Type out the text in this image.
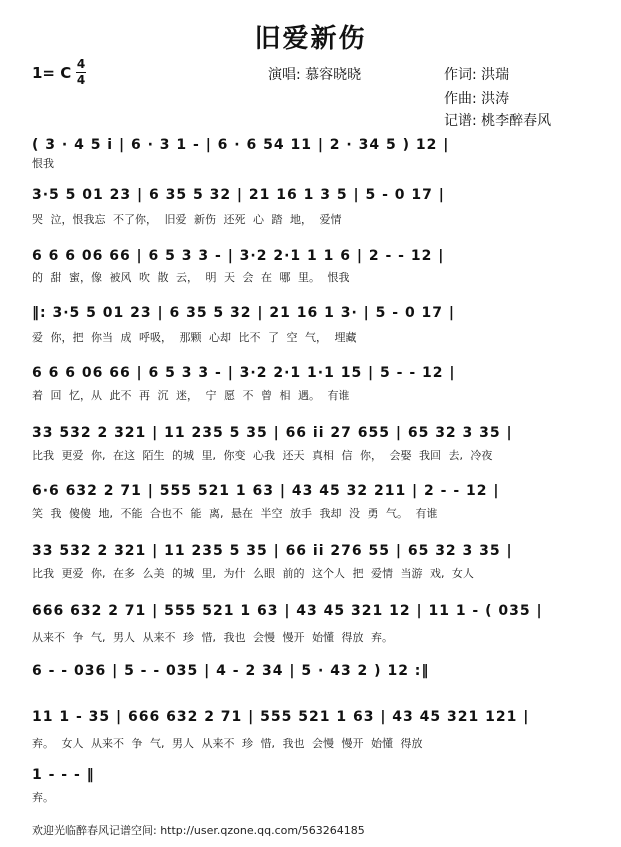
旧爱新伤
1= C 4
4	演唱: 慕容晓晓	作词: 洪瑞
作曲: 洪涛
记谱: 桃李醉春风
( 3 · 4 5 i | 6 · 3 1 - | 6 · 6 54 11 | 2 · 34 5 ) 12 |
恨我
3·5 5 01 23 | 6 35 5 32 | 21 16 1 3 5 | 5 - 0 17 |
哭 泣，恨我忘 不了你， 旧爱 新伤 还死 心 踏 地， 爱情
6 6 6 06 66 | 6 5 3 3 - | 3·2 2·1 1 1 6 | 2 - - 12 |
的 甜 蜜，像 被风 吹 散 云， 明 天 会 在 哪 里。 恨我
‖: 3·5 5 01 23 | 6 35 5 32 | 21 16 1 3· | 5 - 0 17 |
爱 你，把 你当 成 呼吸， 那颗 心却 比不 了 空 气， 埋藏
6 6 6 06 66 | 6 5 3 3 - | 3·2 2·1 1·1 15 | 5 - - 12 |
着 回 忆，从 此不 再 沉 迷， 宁 愿 不 曾 相 遇。 有谁
33 532 2 321 | 11 235 5 35 | 66 ii 27 655 | 65 32 3 35 |
比我 更爱 你, 在这 陌生 的城 里, 你变 心我 还天 真相 信 你， 会娶 我回 去, 冷夜
6·6 632 2 71 | 555 521 1 63 | 43 45 32 211 | 2 - - 12 |
笑 我 傻傻 地, 不能 合也不 能 离, 悬在 半空 放手 我却 没 勇 气。 有谁
33 532 2 321 | 11 235 5 35 | 66 ii 276 55 | 65 32 3 35 |
比我 更爱 你, 在多 么美 的城 里, 为什 么眼 前的 这个人 把 爱情 当游 戏, 女人
666 632 2 71 | 555 521 1 63 | 43 45 321 12 | 11 1 - ( 035 |
从来不 争 气, 男人 从来不 珍 惜, 我也 会慢 慢开 始懂 得放 弃。
6 - - 036 | 5 - - 035 | 4 - 2 34 | 5 · 43 2 ) 12 :‖
11 1 - 35 | 666 632 2 71 | 555 521 1 63 | 43 45 321 121 |
弃。 女人 从来不 争 气, 男人 从来不 珍 惜, 我也 会慢 慢开 始懂 得放
1 - - - ‖
弃。
欢迎光临醉春风记谱空间: http://user.qzone.qq.com/563264185
